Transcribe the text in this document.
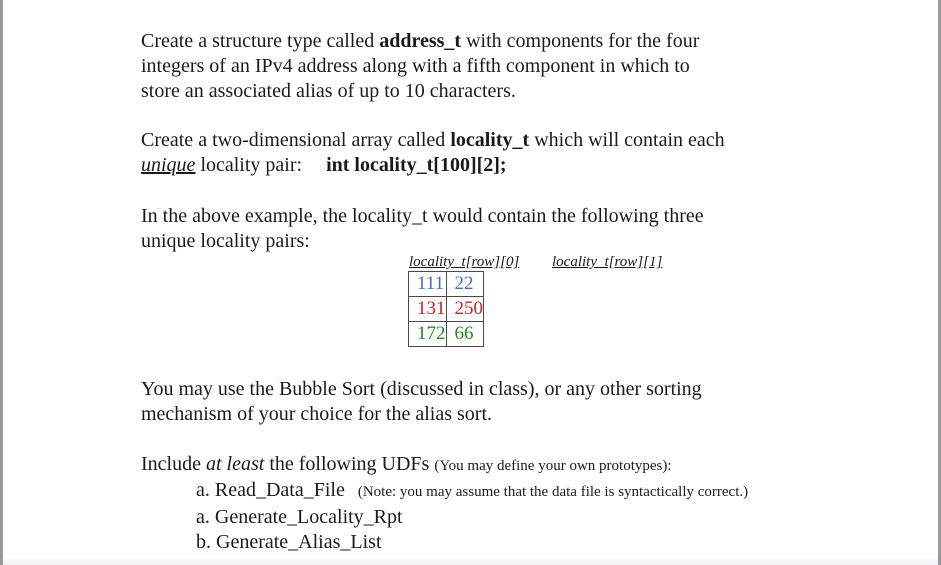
Create a structure type called address_t with components for the four
integers of an IPv4 address along with a fifth component in which to
store an associated alias of up to 10 characters.
Create a two-dimensional array called locality_t which will contain each
unique locality pair: int locality_t[100][2];
In the above example, the locality_t would contain the following three
unique locality pairs:
locality_t[row][0] locality_t[row][1]
111	22
131	250
172	66
You may use the Bubble Sort (discussed in class), or any other sorting
mechanism of your choice for the alias sort.
Include at least the following UDFs (You may define your own prototypes):
a. Read_Data_File (Note: you may assume that the data file is syntactically correct.)
a. Generate_Locality_Rpt
b. Generate_Alias_List
